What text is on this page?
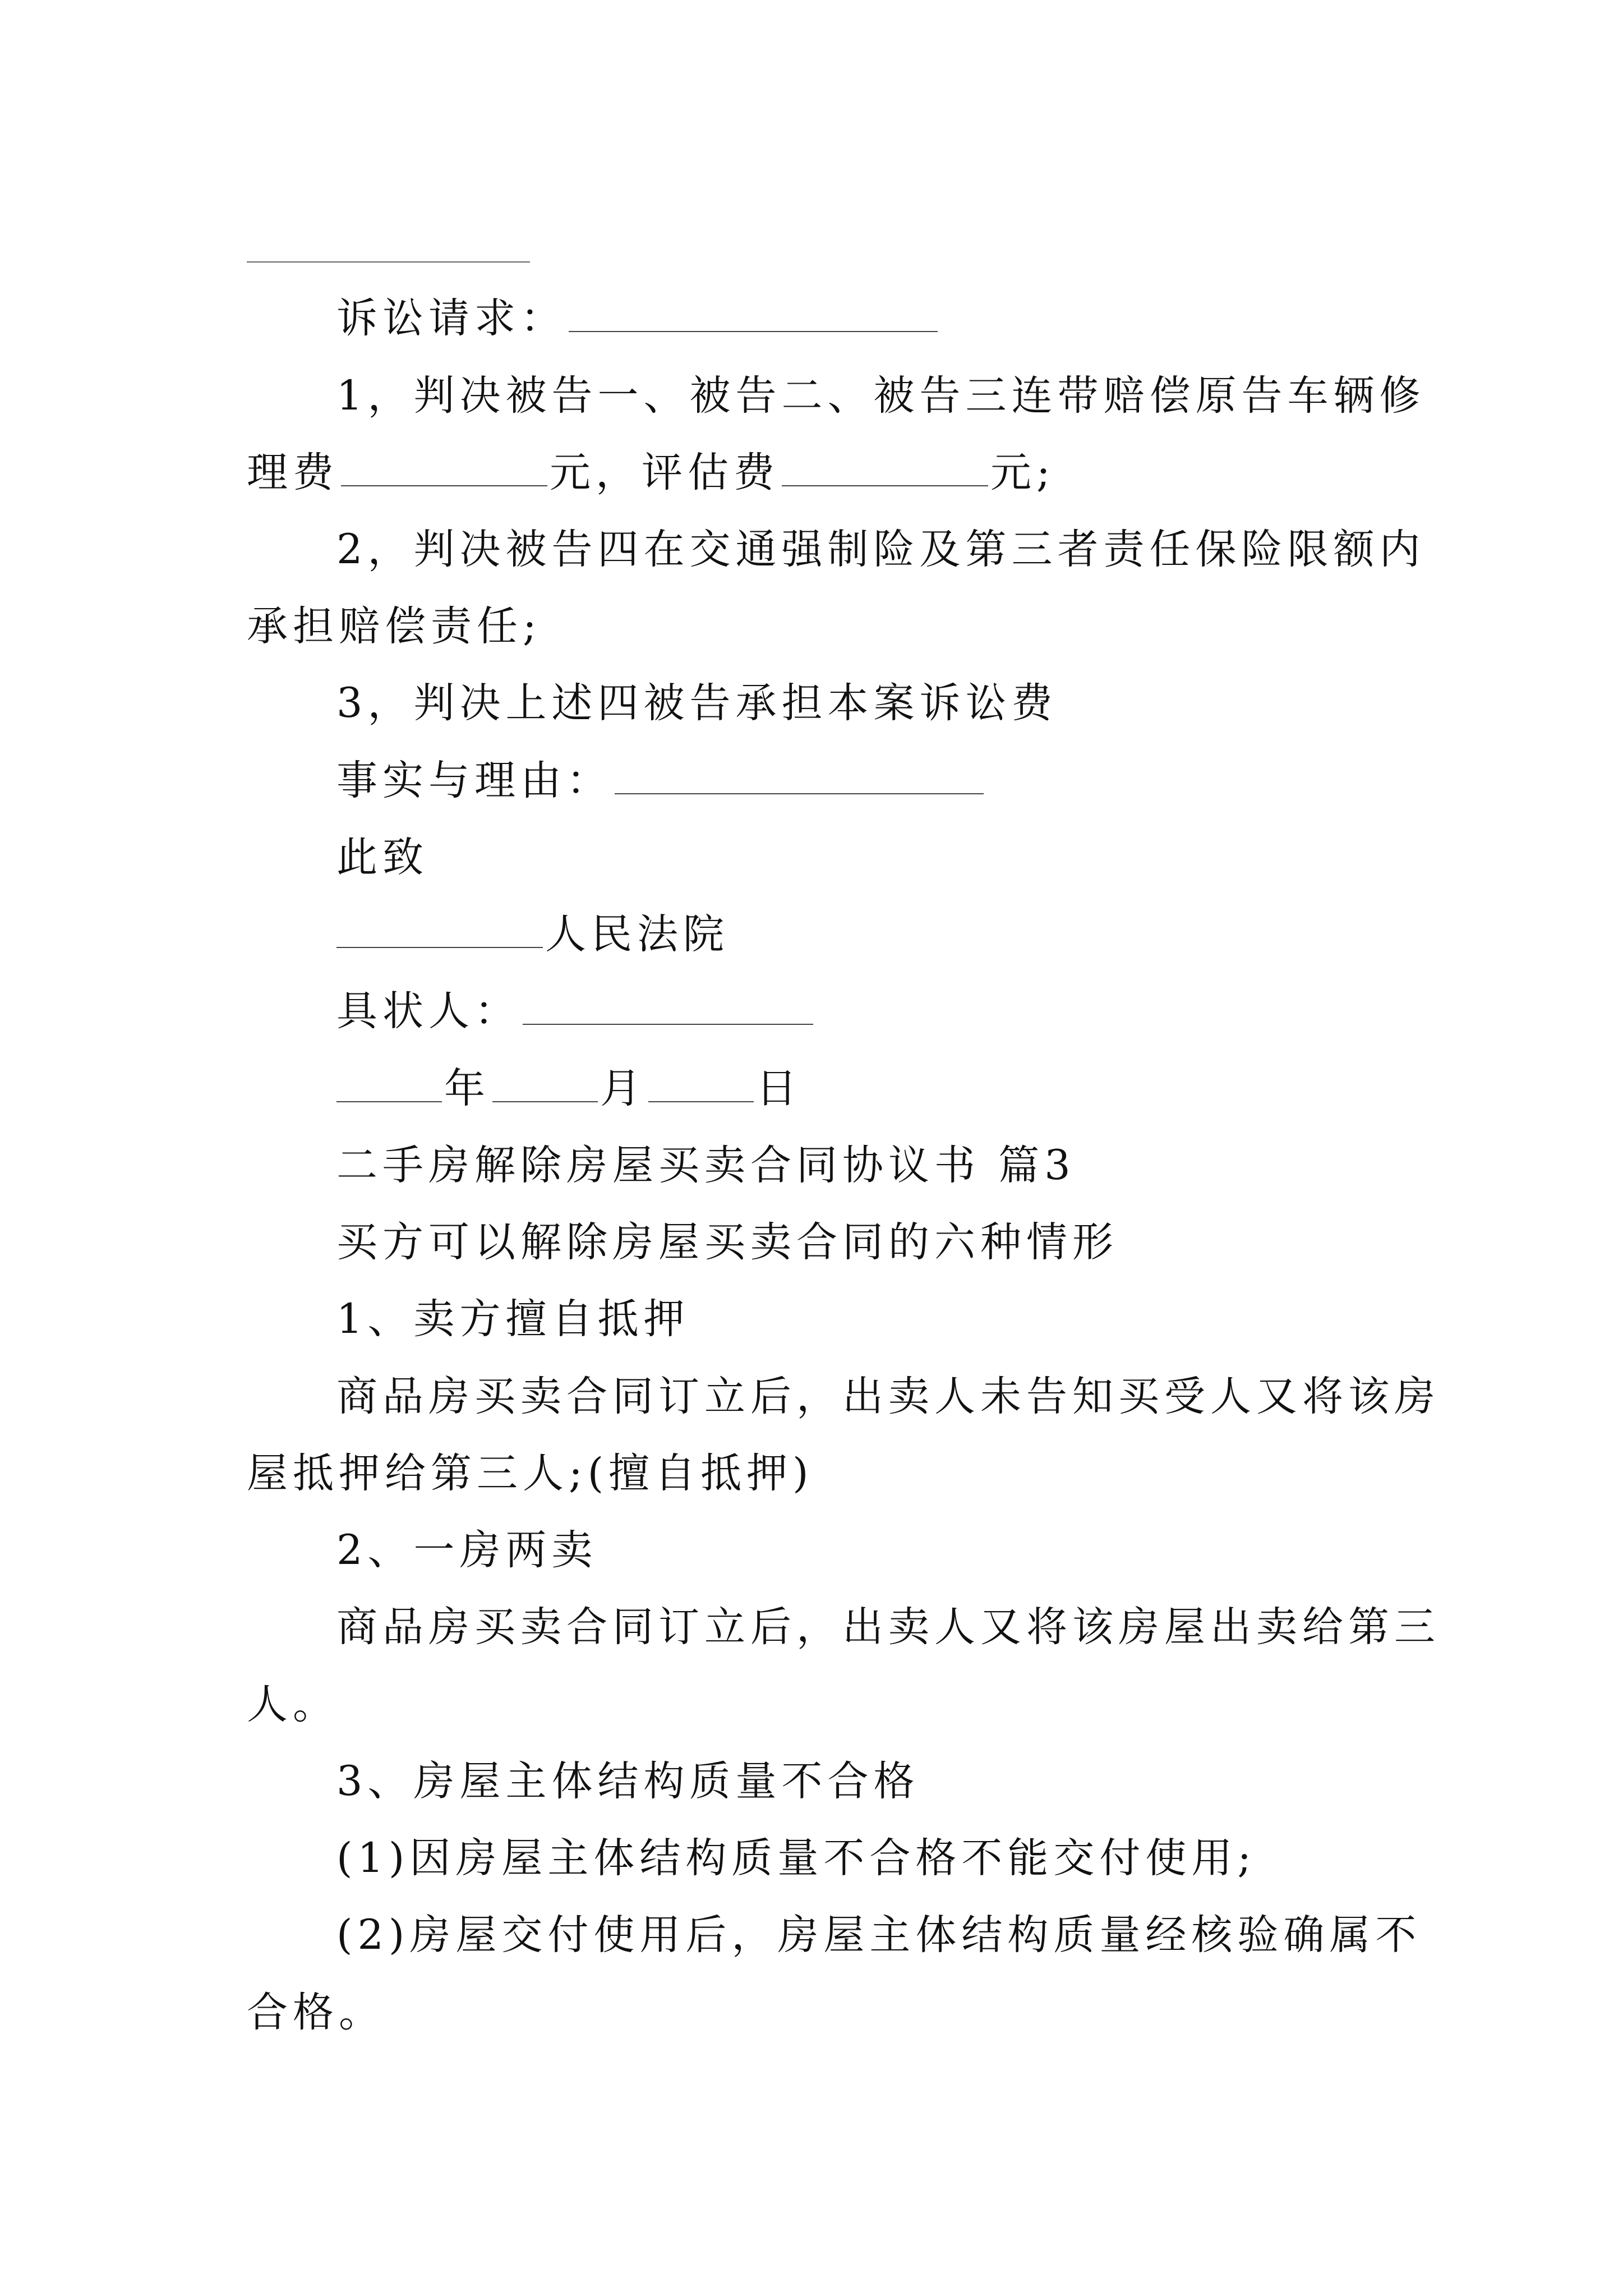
诉讼请求：
1，判决被告一、被告二、被告三连带赔偿原告车辆修
理费	元，评估费	元;
2，判决被告四在交通强制险及第三者责任保险限额内
承担赔偿责任;
3，判决上述四被告承担本案诉讼费
事实与理由：
此致
人民法院
具状人：
年	月	日
二手房解除房屋买卖合同协议书 篇3
买方可以解除房屋买卖合同的六种情形
1、卖方擅自抵押
商品房买卖合同订立后，出卖人未告知买受人又将该房
屋抵押给第三人;(擅自抵押)
2、一房两卖
商品房买卖合同订立后，出卖人又将该房屋出卖给第三
人。
3、房屋主体结构质量不合格
(1)因房屋主体结构质量不合格不能交付使用;
(2)房屋交付使用后，房屋主体结构质量经核验确属不
合格。
